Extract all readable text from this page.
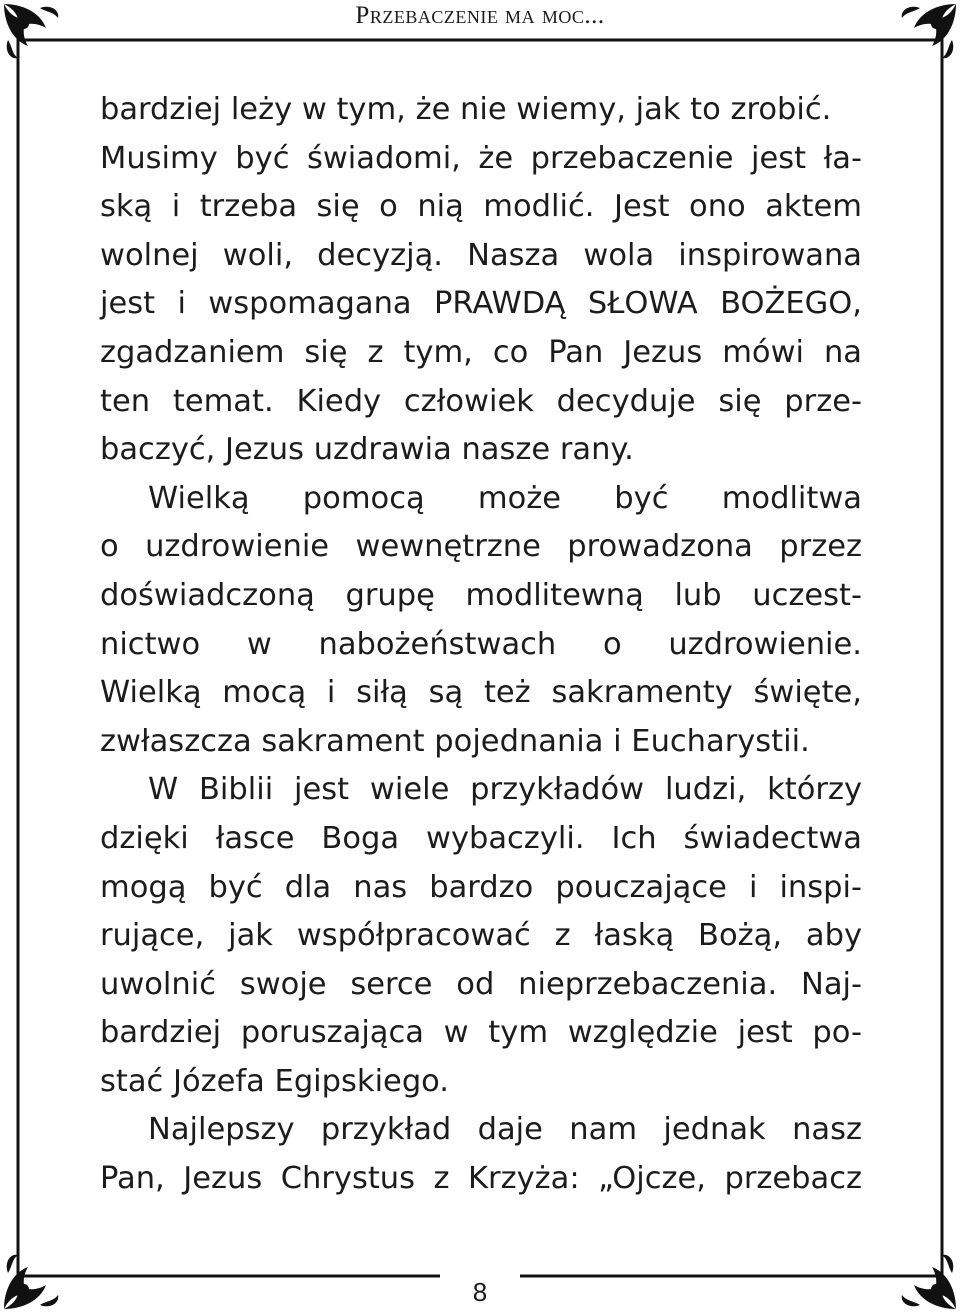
Przebaczenie ma moc...
bardziej leży w tym, że nie wiemy, jak to zrobić.
Musimy być świadomi, że przebaczenie jest ła-
ską i trzeba się o nią modlić. Jest ono aktem
wolnej woli, decyzją. Nasza wola inspirowana
jest i wspomagana PRAWDĄ SŁOWA BOŻEGO,
zgadzaniem się z tym, co Pan Jezus mówi na
ten temat. Kiedy człowiek decyduje się prze-
baczyć, Jezus uzdrawia nasze rany.
Wielką pomocą może być modlitwa
o uzdrowienie wewnętrzne prowadzona przez
doświadczoną grupę modlitewną lub uczest-
nictwo w nabożeństwach o uzdrowienie.
Wielką mocą i siłą są też sakramenty święte,
zwłaszcza sakrament pojednania i Eucharystii.
W Biblii jest wiele przykładów ludzi, którzy
dzięki łasce Boga wybaczyli. Ich świadectwa
mogą być dla nas bardzo pouczające i inspi-
rujące, jak współpracować z łaską Bożą, aby
uwolnić swoje serce od nieprzebaczenia. Naj-
bardziej poruszająca w tym względzie jest po-
stać Józefa Egipskiego.
Najlepszy przykład daje nam jednak nasz
Pan, Jezus Chrystus z Krzyża: „Ojcze, przebacz
8
